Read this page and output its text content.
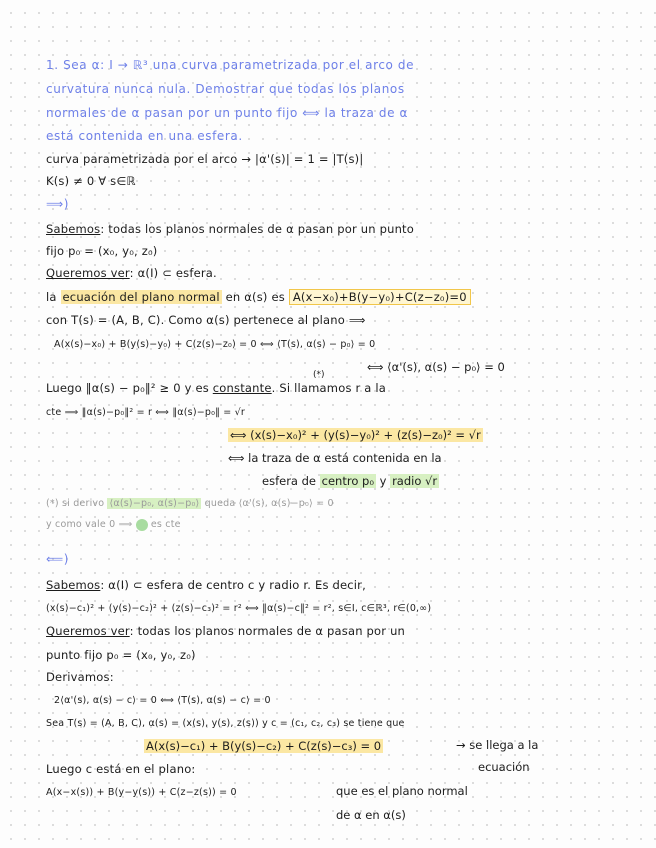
1. Sea α: I → ℝ³ una curva parametrizada por el arco de
curvatura nunca nula. Demostrar que todas los planos
normales de α pasan por un punto fijo ⟺ la traza de α
está contenida en una esfera.
curva parametrizada por el arco → |α'(s)| = 1 = |T(s)|
K(s) ≠ 0 ∀ s∈ℝ
⟹)
Sabemos: todas los planos normales de α pasan por un punto
fijo p₀ = (x₀, y₀, z₀)
Queremos ver: α(I) ⊂ esfera.
la ecuación del plano normal en α(s) es A(x−x₀)+B(y−y₀)+C(z−z₀)=0
con T(s) = (A, B, C). Como α(s) pertenece al plano ⟹
A(x(s)−x₀) + B(y(s)−y₀) + C(z(s)−z₀) = 0 ⟺ ⟨T(s), α(s) − p₀⟩ = 0
⟺ ⟨α'(s), α(s) − p₀⟩ = 0
(*)
Luego ‖α(s) − p₀‖² ≥ 0 y es constante. Si llamamos r a la
cte ⟹ ‖α(s)−p₀‖² = r ⟺ ‖α(s)−p₀‖ = √r
⟺ (x(s)−x₀)² + (y(s)−y₀)² + (z(s)−z₀)² = √r
⟺ la traza de α está contenida en la
esfera de centro p₀ y radio √r
(*) si derivo ⟨α(s)−p₀, α(s)−p₀⟩ queda ⟨α'(s), α(s)−p₀⟩ = 0
y como vale 0 ⟹ es cte
⟸)
Sabemos: α(I) ⊂ esfera de centro c y radio r. Es decir,
(x(s)−c₁)² + (y(s)−c₂)² + (z(s)−c₃)² = r² ⟺ ‖α(s)−c‖² = r², s∈I, c∈ℝ³, r∈(0,∞)
Queremos ver: todas los planos normales de α pasan por un
punto fijo p₀ = (x₀, y₀, z₀)
Derivamos:
2⟨α'(s), α(s) − c⟩ = 0 ⟺ ⟨T(s), α(s) − c⟩ = 0
Sea T(s) = (A, B, C), α(s) = (x(s), y(s), z(s)) y c = (c₁, c₂, c₃) se tiene que
A(x(s)−c₁) + B(y(s)−c₂) + C(z(s)−c₃) = 0	→ se llega a la
ecuación
Luego c está en el plano:
A(x−x(s)) + B(y−y(s)) + C(z−z(s)) = 0	que es el plano normal
de α en α(s)
